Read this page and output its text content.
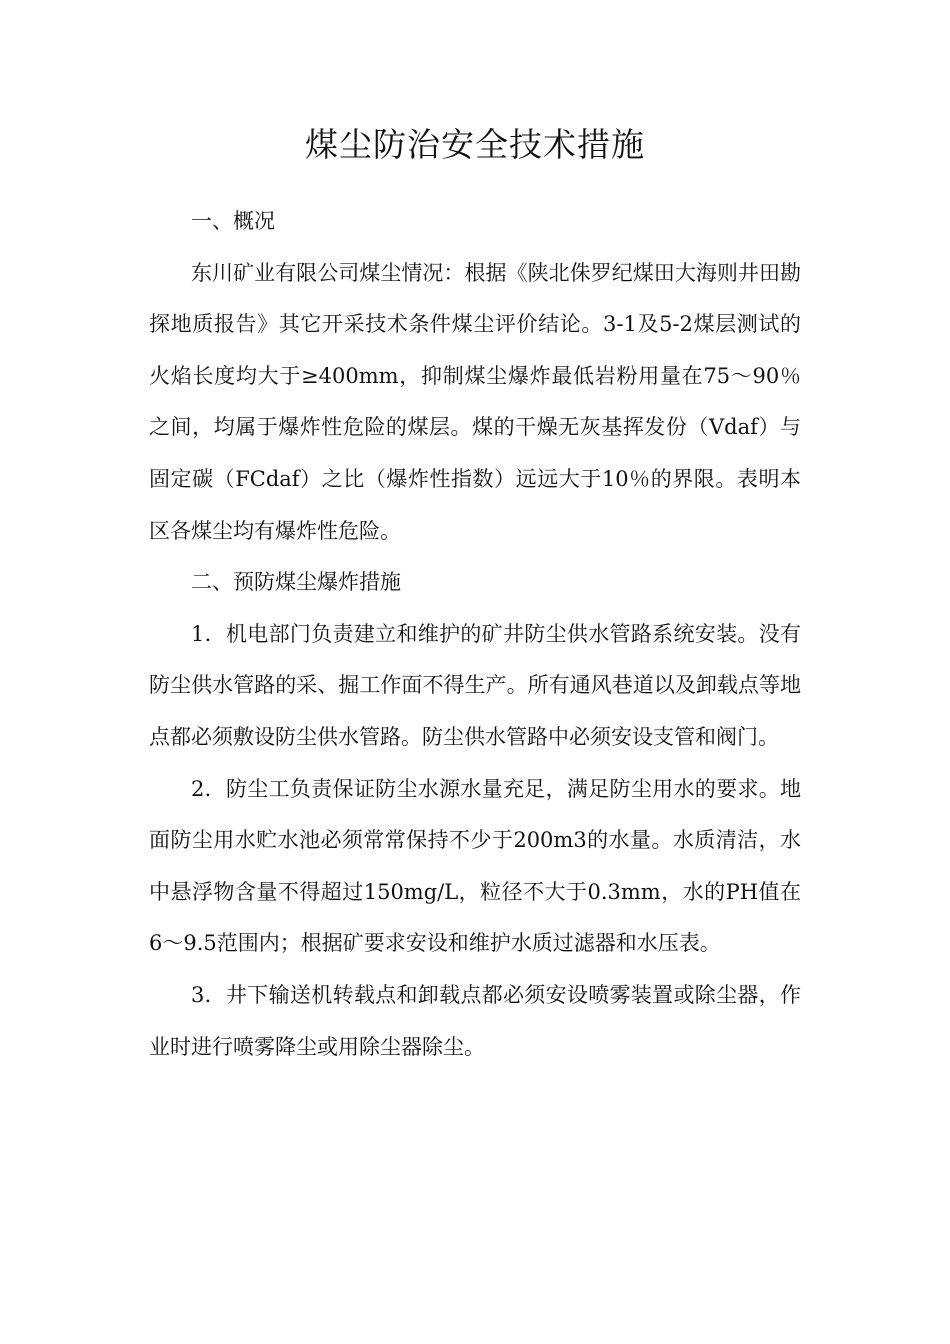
煤尘防治安全技术措施

一、概况

东川矿业有限公司煤尘情况：根据《陕北侏罗纪煤田大海则井田勘探地质报告》其它开采技术条件煤尘评价结论。3-1及5-2煤层测试的火焰长度均大于≥400mm，抑制煤尘爆炸最低岩粉用量在75～90％之间，均属于爆炸性危险的煤层。煤的干燥无灰基挥发份（Vdaf）与固定碳（FCdaf）之比（爆炸性指数）远远大于10％的界限。表明本区各煤尘均有爆炸性危险。

二、预防煤尘爆炸措施

1．机电部门负责建立和维护的矿井防尘供水管路系统安装。没有防尘供水管路的采、掘工作面不得生产。所有通风巷道以及卸载点等地点都必须敷设防尘供水管路。防尘供水管路中必须安设支管和阀门。

2．防尘工负责保证防尘水源水量充足，满足防尘用水的要求。地面防尘用水贮水池必须常常保持不少于200m3的水量。水质清洁，水中悬浮物含量不得超过150mg/L，粒径不大于0.3mm，水的PH值在6～9.5范围内；根据矿要求安设和维护水质过滤器和水压表。

3．井下输送机转载点和卸载点都必须安设喷雾装置或除尘器，作业时进行喷雾降尘或用除尘器除尘。
